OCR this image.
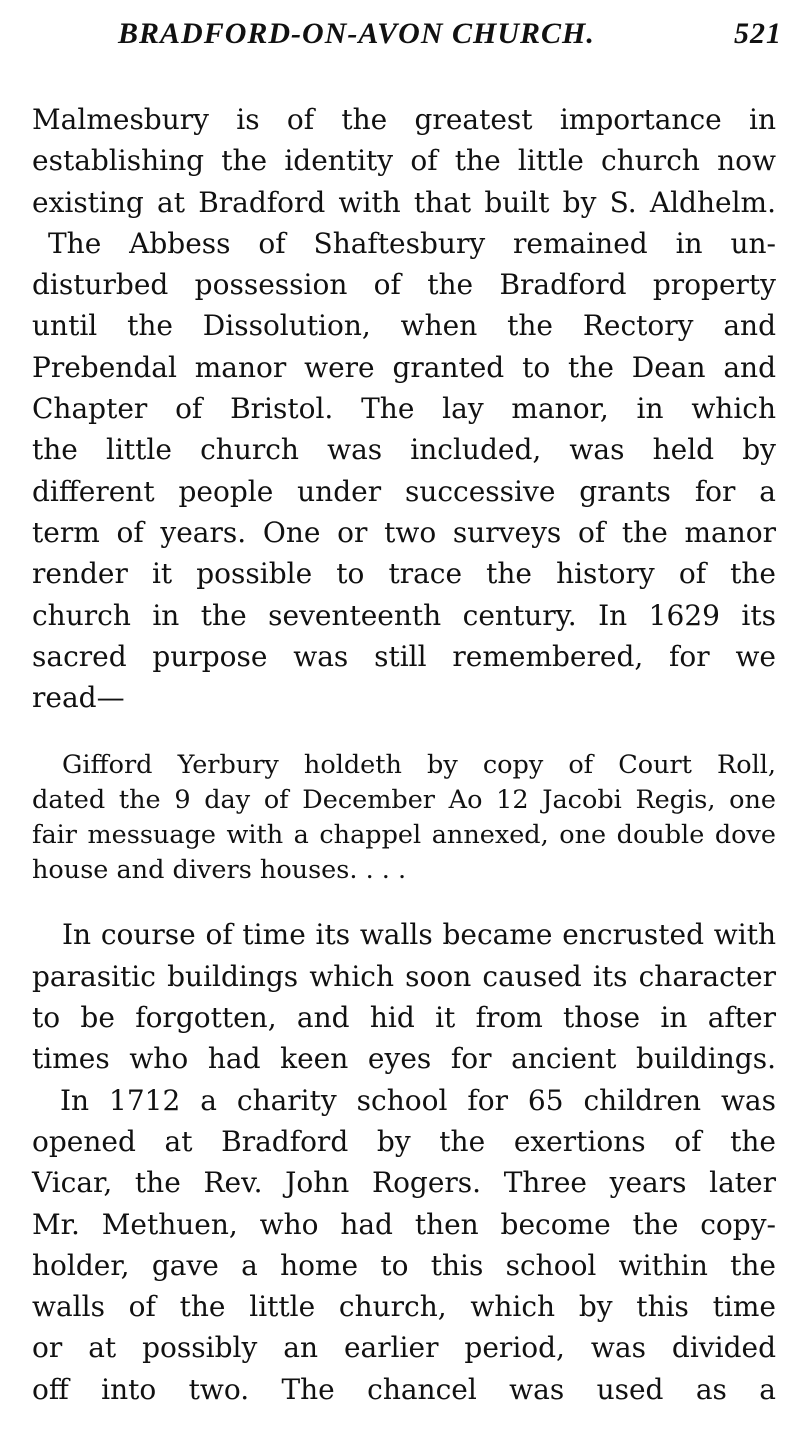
BRADFORD-ON-AVON CHURCH.	521
Malmesbury is of the greatest importance in
establishing the identity of the little church now
existing at Bradford with that built by S. Aldhelm.
The Abbess of Shaftesbury remained in un-
disturbed possession of the Bradford property
until the Dissolution, when the Rectory and
Prebendal manor were granted to the Dean and
Chapter of Bristol. The lay manor, in which
the little church was included, was held by
different people under successive grants for a
term of years. One or two surveys of the manor
render it possible to trace the history of the
church in the seventeenth century. In 1629 its
sacred purpose was still remembered, for we
read—
Gifford Yerbury holdeth by copy of Court Roll,
dated the 9 day of December Ao 12 Jacobi Regis, one
fair messuage with a chappel annexed, one double dove
house and divers houses. . . .
In course of time its walls became encrusted with
parasitic buildings which soon caused its character
to be forgotten, and hid it from those in after
times who had keen eyes for ancient buildings.
In 1712 a charity school for 65 children was
opened at Bradford by the exertions of the
Vicar, the Rev. John Rogers. Three years later
Mr. Methuen, who had then become the copy-
holder, gave a home to this school within the
walls of the little church, which by this time
or at possibly an earlier period, was divided
off into two. The chancel was used as a
